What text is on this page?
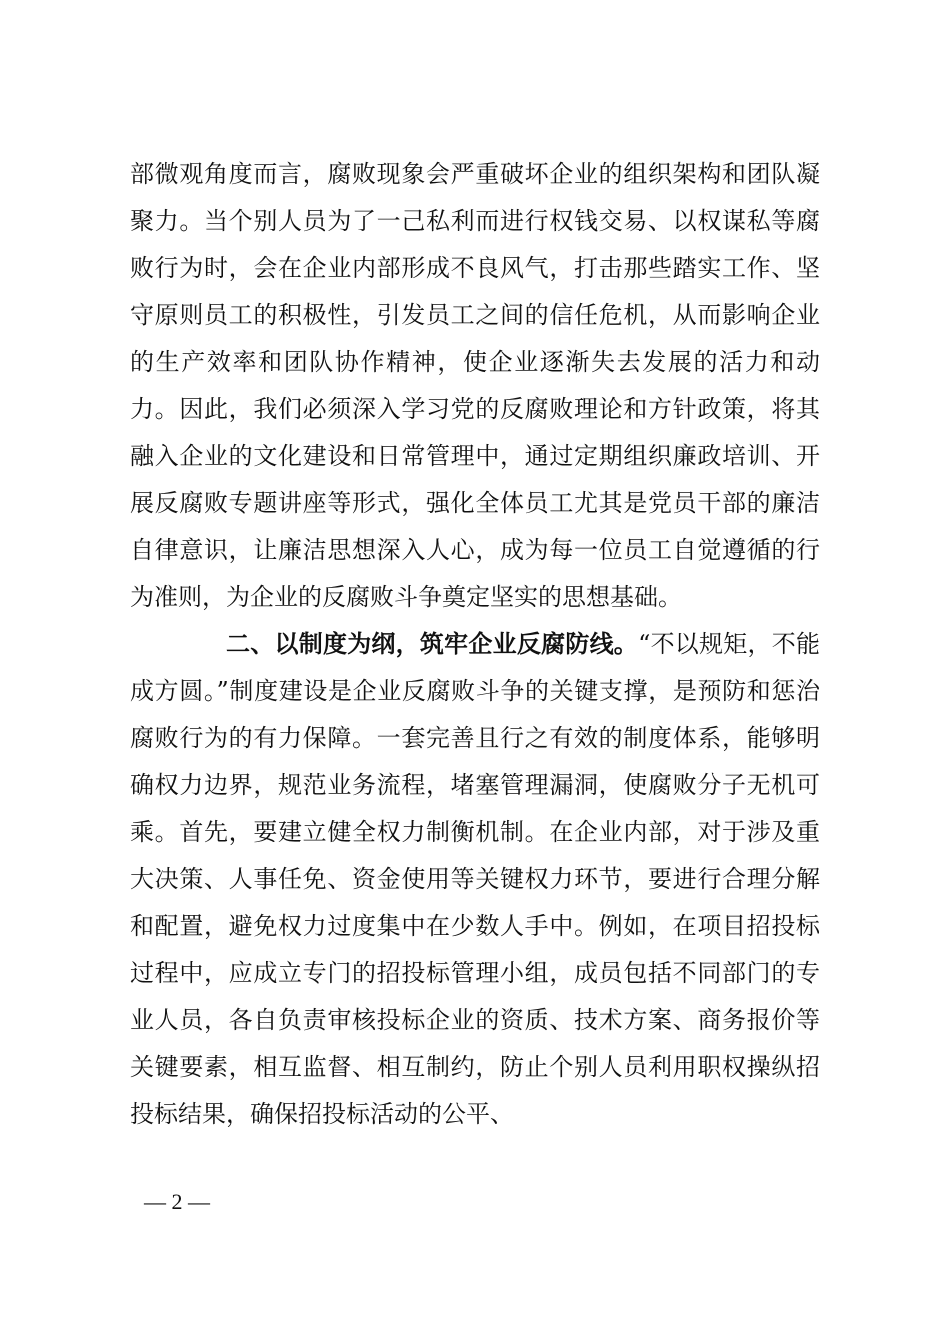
部微观角度而言，腐败现象会严重破坏企业的组织架构和团队凝聚力。当个别人员为了一己私利而进行权钱交易、以权谋私等腐败行为时，会在企业内部形成不良风气，打击那些踏实工作、坚守原则员工的积极性，引发员工之间的信任危机，从而影响企业的生产效率和团队协作精神，使企业逐渐失去发展的活力和动力。因此，我们必须深入学习党的反腐败理论和方针政策，将其融入企业的文化建设和日常管理中，通过定期组织廉政培训、开展反腐败专题讲座等形式，强化全体员工尤其是党员干部的廉洁自律意识，让廉洁思想深入人心，成为每一位员工自觉遵循的行为准则，为企业的反腐败斗争奠定坚实的思想基础。

二、以制度为纲，筑牢企业反腐防线。“不以规矩，不能成方圆。”制度建设是企业反腐败斗争的关键支撑，是预防和惩治腐败行为的有力保障。一套完善且行之有效的制度体系，能够明确权力边界，规范业务流程，堵塞管理漏洞，使腐败分子无机可乘。首先，要建立健全权力制衡机制。在企业内部，对于涉及重大决策、人事任免、资金使用等关键权力环节，要进行合理分解和配置，避免权力过度集中在少数人手中。例如，在项目招投标过程中，应成立专门的招投标管理小组，成员包括不同部门的专业人员，各自负责审核投标企业的资质、技术方案、商务报价等关键要素，相互监督、相互制约，防止个别人员利用职权操纵招投标结果，确保招投标活动的公平、

— 2 —
